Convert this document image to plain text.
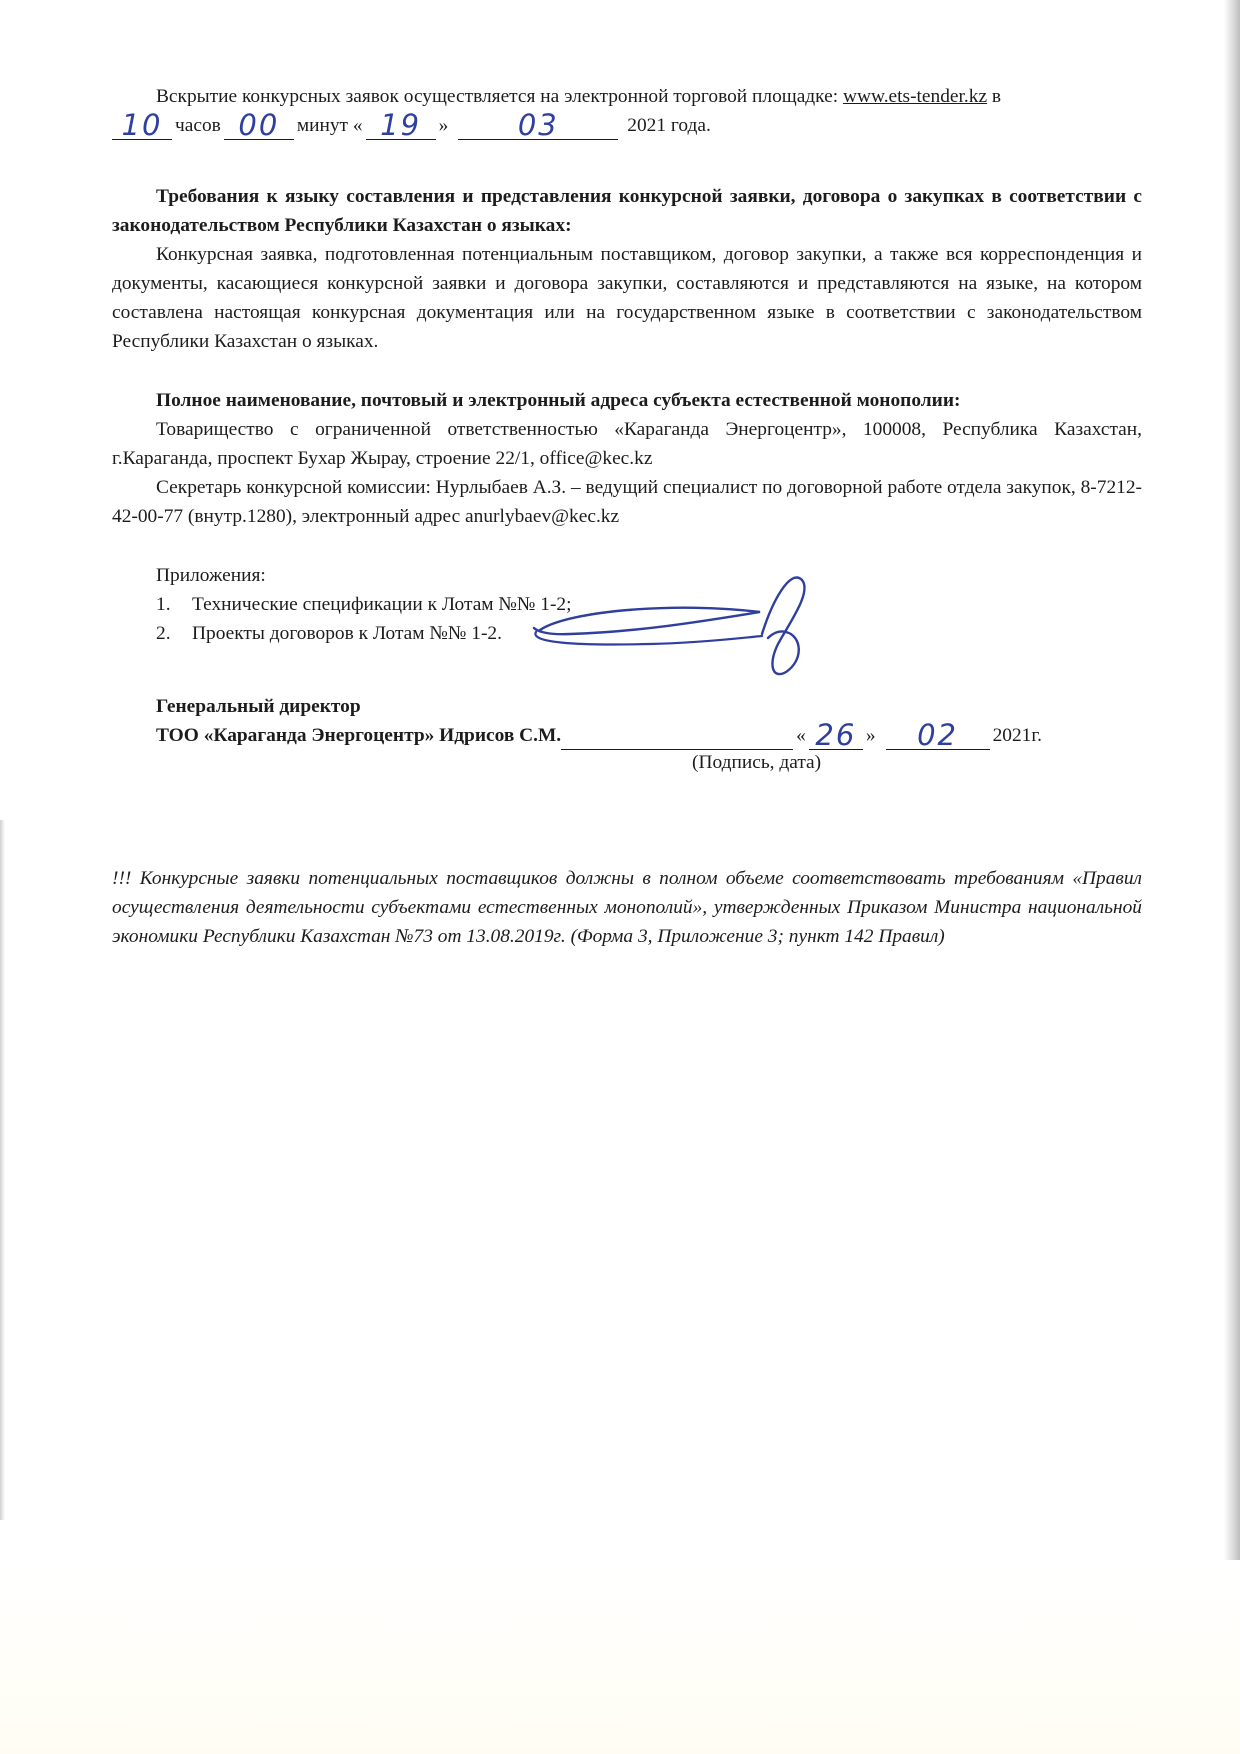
Вскрытие конкурсных заявок осуществляется на электронной торговой площадке: www.ets-tender.kz в

10 часов 00 минут « 19 »	03	2021 года.

Требования к языку составления и представления конкурсной заявки, договора о закупках в соответствии с законодательством Республики Казахстан о языках:

Конкурсная заявка, подготовленная потенциальным поставщиком, договор закупки, а также вся корреспонденция и документы, касающиеся конкурсной заявки и договора закупки, составляются и представляются на языке, на котором составлена настоящая конкурсная документация или на государственном языке в соответствии с законодательством Республики Казахстан о языках.

Полное наименование, почтовый и электронный адреса субъекта естественной монополии:

Товарищество с ограниченной ответственностью «Караганда Энергоцентр», 100008, Республика Казахстан, г.Караганда, проспект Бухар Жырау, строение 22/1, office@kec.kz

Секретарь конкурсной комиссии: Нурлыбаев А.З. – ведущий специалист по договорной работе отдела закупок, 8-7212-42-00-77 (внутр.1280), электронный адрес anurlybaev@kec.kz

Приложения:

1.	Технические спецификации к Лотам №№ 1-2;
2.	Проекты договоров к Лотам №№ 1-2.

Генеральный директор

ТОО «Караганда Энергоцентр» Идрисов С.М.	« 26 »	02	2021г.
(Подпись, дата)

!!! Конкурсные заявки потенциальных поставщиков должны в полном объеме соответствовать требованиям «Правил осуществления деятельности субъектами естественных монополий», утвержденных Приказом Министра национальной экономики Республики Казахстан №73 от 13.08.2019г. (Форма 3, Приложение 3; пункт 142 Правил)
